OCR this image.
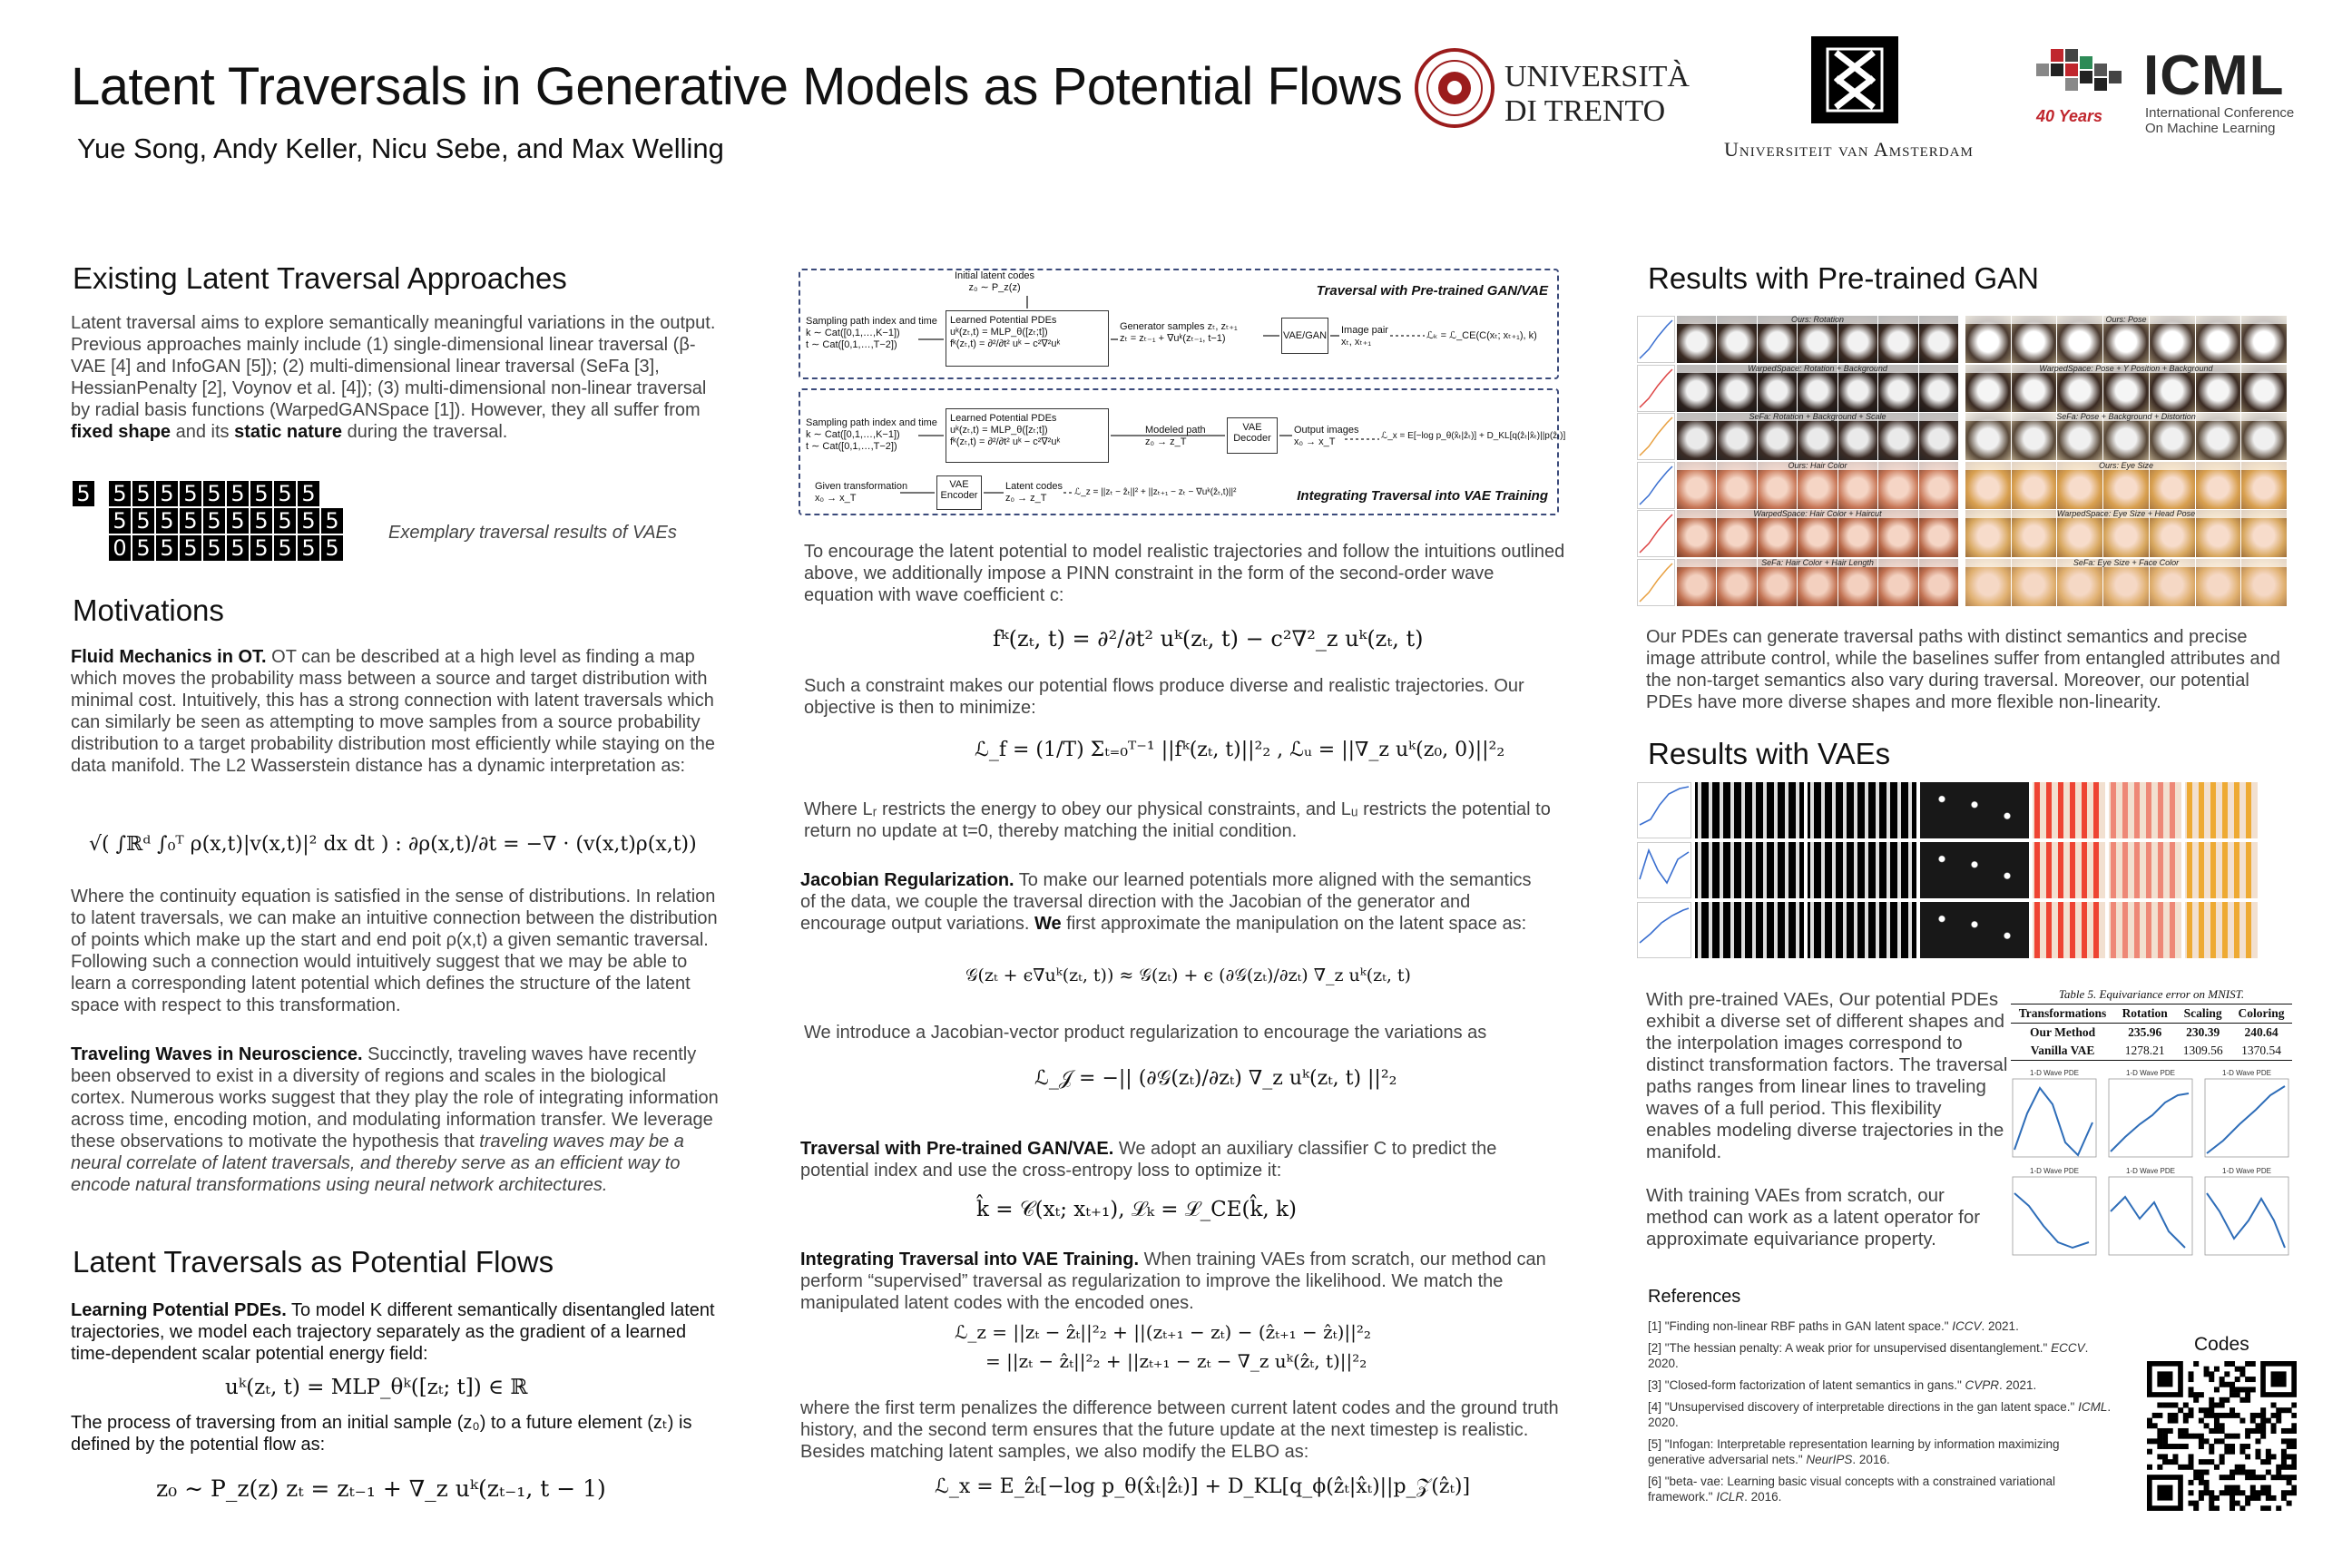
Latent Traversals in Generative Models as Potential Flows
Yue Song, Andy Keller, Nicu Sebe, and Max Welling
UNIVERSITÀ
DI TRENTO
Universiteit van Amsterdam
40 Years
ICML
International Conference
On Machine Learning
Existing Latent Traversal Approaches

Latent traversal aims to explore semantically meaningful variations in the output. Previous approaches mainly include (1) single-dimensional linear traversal (β-VAE [4] and InfoGAN [5]); (2) multi-dimensional linear traversal (SeFa [3], HessianPenalty [2], Voynov et al. [4]); (3) multi-dimensional non-linear traversal by radial basis functions (WarpedGANSpace [1]). However, they all suffer from fixed shape and its static nature during the traversal.

5	5 5 5 5 5 5 5 5 5
5 5 5 5 5 5 5 5 5 5
0 5 5 5 5 5 5 5 5 5
Exemplary traversal results of VAEs
Motivations

Fluid Mechanics in OT. OT can be described at a high level as finding a map which moves the probability mass between a source and target distribution with minimal cost. Intuitively, this has a strong connection with latent traversals which can similarly be seen as attempting to move samples from a source probability distribution to a target probability distribution most efficiently while staying on the data manifold. The L2 Wasserstein distance has a dynamic interpretation as:

√( ∫ℝᵈ ∫₀ᵀ ρ(x,t)|v(x,t)|² dx dt ) : ∂ρ(x,t)/∂t = −∇ · (v(x,t)ρ(x,t))

Where the continuity equation is satisfied in the sense of distributions. In relation to latent traversals, we can make an intuitive connection between the distribution of points which make up the start and end poit ρ(x,t) a given semantic traversal. Following such a connection would intuitively suggest that we may be able to learn a corresponding latent potential which defines the structure of the latent space with respect to this transformation.

Traveling Waves in Neuroscience. Succinctly, traveling waves have recently been observed to exist in a diversity of regions and scales in the biological cortex. Numerous works suggest that they play the role of integrating information across time, encoding motion, and modulating information transfer. We leverage these observations to motivate the hypothesis that traveling waves may be a neural correlate of latent traversals, and thereby serve as an efficient way to encode natural transformations using neural network architectures.

Latent Traversals as Potential Flows

Learning Potential PDEs. To model K different semantically disentangled latent trajectories, we model each trajectory separately as the gradient of a learned time-dependent scalar potential energy field:

uᵏ(zₜ, t) = MLP_θᵏ([zₜ; t]) ∈ ℝ

The process of traversing from an initial sample (z₀) to a future element (zₜ) is defined by the potential flow as:

z₀ ∼ P_z(z) zₜ = zₜ₋₁ + ∇_z uᵏ(zₜ₋₁, t − 1)
Traversal with Pre-trained GAN/VAE
Initial latent codes
z₀ ∼ P_z(z)
Sampling path index and time
k ∼ Cat([0,1,…,K−1])
t ∼ Cat([0,1,…,T−2])
Learned Potential PDEs
uᵏ(zₜ,t) = MLP_θ([zₜ;t])
fᵏ(zₜ,t) = ∂²/∂t² uᵏ − c²∇²uᵏ
Generator samples zₜ, zₜ₊₁
zₜ = zₜ₋₁ + ∇uᵏ(zₜ₋₁, t−1)	VAE/GAN Image pair
xₜ, xₜ₊₁
ℒₖ = ℒ_CE(C(xₜ; xₜ₊₁), k)
Integrating Traversal into VAE Training
Sampling path index and time
k ∼ Cat([0,1,…,K−1])
t ∼ Cat([0,1,…,T−2])
Learned Potential PDEs
uᵏ(zₜ,t) = MLP_θ([zₜ;t])
fᵏ(zₜ,t) = ∂²/∂t² uᵏ − c²∇²uᵏ
Modeled path
z₀ → z_T
VAE Decoder
Output images
x₀ → x_T
ℒ_x = E[−log p_θ(x̂ₜ|ẑₜ)] + D_KL[q(ẑₜ|x̂ₜ)||p(ẑₜ)]
Given transformation
x₀ → x_T
VAE Encoder
Latent codes
z₀ → z_T
ℒ_z = ||zₜ − ẑₜ||² + ||zₜ₊₁ − zₜ − ∇uᵏ(ẑₜ,t)||²

To encourage the latent potential to model realistic trajectories and follow the intuitions outlined above, we additionally impose a PINN constraint in the form of the second-order wave equation with wave coefficient c:

fᵏ(zₜ, t) = ∂²/∂t² uᵏ(zₜ, t) − c²∇²_z uᵏ(zₜ, t)

Such a constraint makes our potential flows produce diverse and realistic trajectories. Our objective is then to minimize:

ℒ_f = (1/T) Σₜ₌₀ᵀ⁻¹ ||fᵏ(zₜ, t)||²₂ , ℒᵤ = ||∇_z uᵏ(z₀, 0)||²₂

Where Lᵣ restricts the energy to obey our physical constraints, and Lᵤ restricts the potential to return no update at t=0, thereby matching the initial condition.

Jacobian Regularization. To make our learned potentials more aligned with the semantics of the data, we couple the traversal direction with the Jacobian of the generator and encourage output variations. We first approximate the manipulation on the latent space as:

𝒢(zₜ + ϵ∇uᵏ(zₜ, t)) ≈ 𝒢(zₜ) + ϵ (∂𝒢(zₜ)/∂zₜ) ∇_z uᵏ(zₜ, t)

We introduce a Jacobian-vector product regularization to encourage the variations as

ℒ_𝒥 = −|| (∂𝒢(zₜ)/∂zₜ) ∇_z uᵏ(zₜ, t) ||²₂

Traversal with Pre-trained GAN/VAE. We adopt an auxiliary classifier C to predict the potential index and use the cross-entropy loss to optimize it:

k̂ = 𝒞(xₜ; xₜ₊₁), ℒₖ = ℒ_CE(k̂, k)

Integrating Traversal into VAE Training. When training VAEs from scratch, our method can perform “supervised” traversal as regularization to improve the likelihood. We match the manipulated latent codes with the encoded ones.

ℒ_z = ||zₜ − ẑₜ||²₂ + ||(zₜ₊₁ − zₜ) − (ẑₜ₊₁ − ẑₜ)||²₂
= ||zₜ − ẑₜ||²₂ + ||zₜ₊₁ − zₜ − ∇_z uᵏ(ẑₜ, t)||²₂

where the first term penalizes the difference between current latent codes and the ground truth history, and the second term ensures that the future update at the next timestep is realistic. Besides matching latent samples, we also modify the ELBO as:

ℒ_x = E_ẑₜ[−log p_θ(x̂ₜ|ẑₜ)] + D_KL[q_ϕ(ẑₜ|x̂ₜ)||p_𝒵(ẑₜ)]
Results with Pre-trained GAN
Ours: Rotation
WarpedSpace: Rotation + Background
SeFa: Rotation + Background + Scale
Ours: Hair Color
WarpedSpace: Hair Color + Haircut
SeFa: Hair Color + Hair Length
Ours: Pose
WarpedSpace: Pose + Y Position + Background
SeFa: Pose + Background + Distortion
Ours: Eye Size
WarpedSpace: Eye Size + Head Pose
SeFa: Eye Size + Face Color

Our PDEs can generate traversal paths with distinct semantics and precise image attribute control, while the baselines suffer from entangled attributes and the non-target semantics also vary during traversal. Moreover, our potential PDEs have more diverse shapes and more flexible non-linearity.

Results with VAEs

With pre-trained VAEs, Our potential PDEs exhibit a diverse set of different shapes and the interpolation images correspond to distinct transformation factors. The traversal paths ranges from linear lines to traveling waves of a full period. This flexibility enables modeling diverse trajectories in the manifold.

With training VAEs from scratch, our method can work as a latent operator for approximate equivariance property.

Table 5. Equivariance error on MNIST.
Transformations	Rotation	Scaling	Coloring
Our Method	235.96	230.39	240.64
Vanilla VAE	1278.21	1309.56	1370.54
1-D Wave PDE	1-D Wave PDE	1-D Wave PDE
1-D Wave PDE	1-D Wave PDE	1-D Wave PDE
References
[1] "Finding non-linear RBF paths in GAN latent space." ICCV. 2021.
[2] "The hessian penalty: A weak prior for unsupervised disentanglement." ECCV. 2020.
[3] "Closed-form factorization of latent semantics in gans." CVPR. 2021.
[4] "Unsupervised discovery of interpretable directions in the gan latent space." ICML. 2020.
[5] "Infogan: Interpretable representation learning by information maximizing generative adversarial nets." NeurIPS. 2016.
[6] "beta- vae: Learning basic visual concepts with a constrained variational framework." ICLR. 2016.
Codes
